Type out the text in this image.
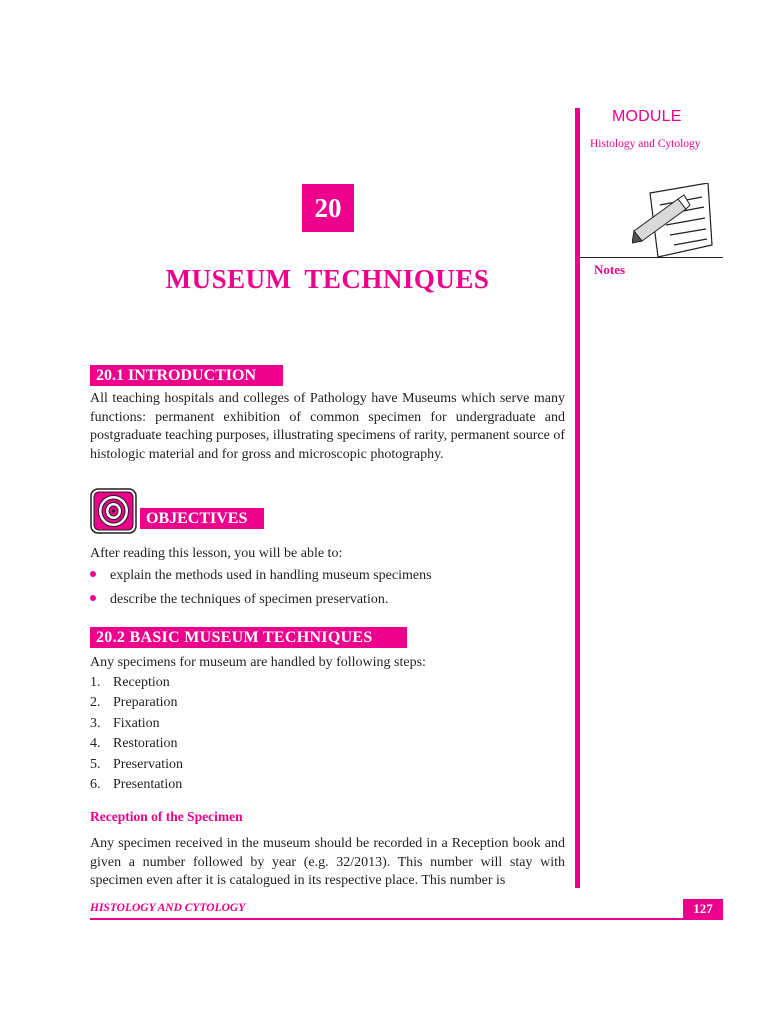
MODULE
Histology and Cytology
Notes
20
MUSEUM TECHNIQUES
20.1 INTRODUCTION
All teaching hospitals and colleges of Pathology have Museums which serve many functions: permanent exhibition of common specimen for undergraduate and postgraduate teaching purposes, illustrating specimens of rarity, permanent source of histologic material and for gross and microscopic photography.
OBJECTIVES
After reading this lesson, you will be able to:
explain the methods used in handling museum specimens
describe the techniques of specimen preservation.
20.2 BASIC MUSEUM TECHNIQUES
Any specimens for museum are handled by following steps:
1. Reception
2. Preparation
3. Fixation
4. Restoration
5. Preservation
6. Presentation
Reception of the Specimen
Any specimen received in the museum should be recorded in a Reception book and given a number followed by year (e.g. 32/2013). This number will stay with specimen even after it is catalogued in its respective place. This number is
HISTOLOGY AND CYTOLOGY	127
